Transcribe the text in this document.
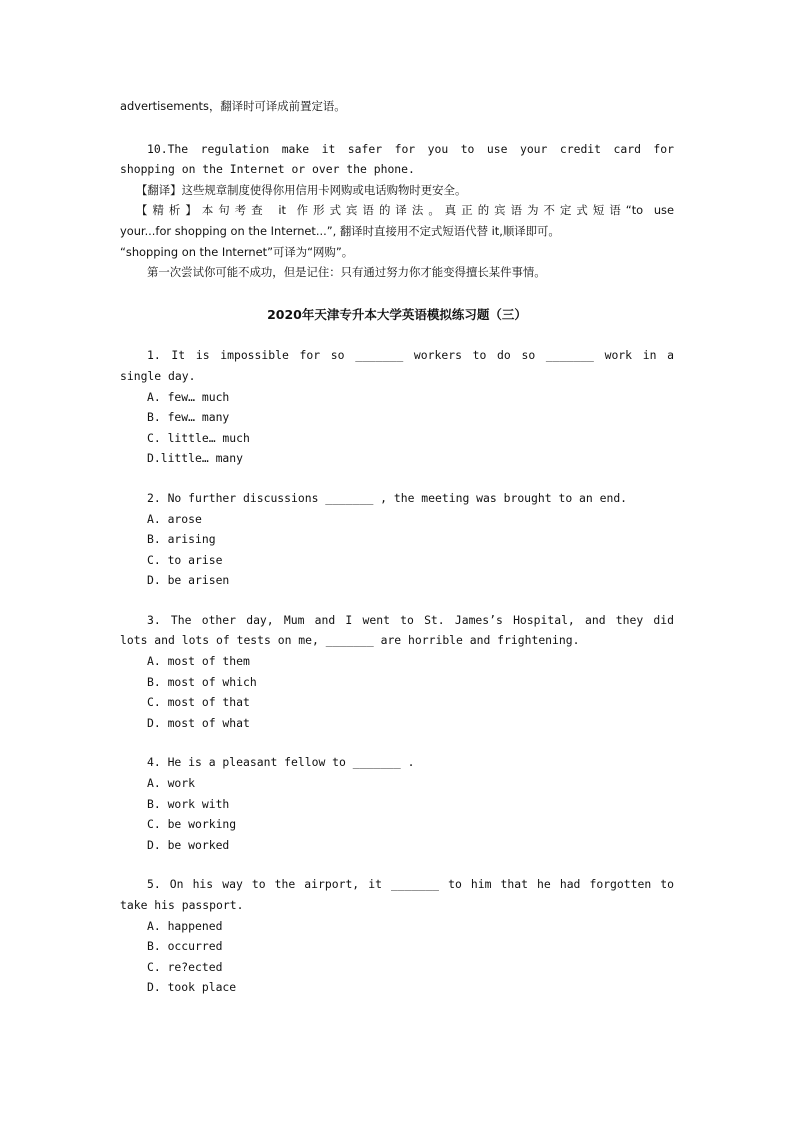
advertisements，翻译时可译成前置定语。
10.The regulation make it safer for you to use your credit card for
shopping on the Internet or over the phone.
【翻译】这些规章制度使得你用信用卡网购或电话购物时更安全。
【精析】本句考查 it 作形式宾语的译法。真正的宾语为不定式短语“to use
your...for shopping on the Internet...”, 翻译时直接用不定式短语代替 it,顺译即可。
“shopping on the Internet”可译为“网购”。
第一次尝试你可能不成功，但是记住：只有通过努力你才能变得擅长某件事情。
2020年天津专升本大学英语模拟练习题（三）
1. It is impossible for so _______ workers to do so _______ work in a
single day.
A. few… much
B. few… many
C. little… much
D.little… many
2. No further discussions _______ , the meeting was brought to an end.
A. arose
B. arising
C. to arise
D. be arisen
3. The other day, Mum and I went to St. James’s Hospital, and they did
lots and lots of tests on me, _______ are horrible and frightening.
A. most of them
B. most of which
C. most of that
D. most of what
4. He is a pleasant fellow to _______ .
A. work
B. work with
C. be working
D. be worked
5. On his way to the airport, it _______ to him that he had forgotten to
take his passport.
A. happened
B. occurred
C. re?ected
D. took place
